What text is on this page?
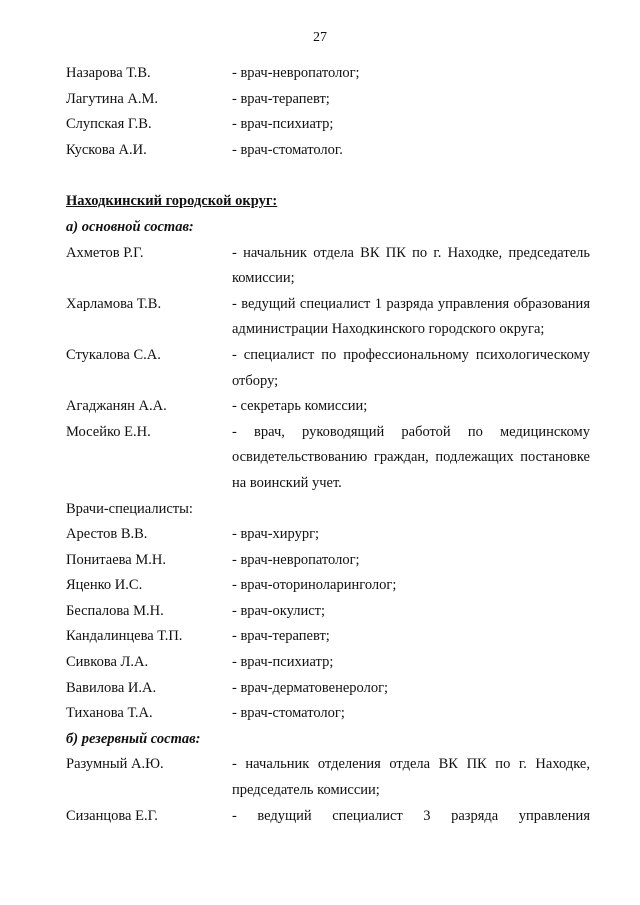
27
Назарова Т.В.	- врач-невропатолог;
Лагутина А.М.	- врач-терапевт;
Слупская Г.В.	- врач-психиатр;
Кускова А.И.	- врач-стоматолог.
Находкинский городской округ:
а) основной состав:
Ахметов Р.Г.	- начальник отдела ВК ПК по г. Находке, председатель комиссии;
Харламова Т.В.	- ведущий специалист 1 разряда управления образования администрации Находкинского городского округа;
Стукалова С.А.	- специалист по профессиональному психологическому отбору;
Агаджанян А.А.	- секретарь комиссии;
Мосейко Е.Н.	- врач, руководящий работой по медицинскому освидетельствованию граждан, подлежащих постановке на воинский учет.
Врачи-специалисты:
Арестов В.В.	- врач-хирург;
Понитаева М.Н.	- врач-невропатолог;
Яценко И.С.	- врач-оториноларинголог;
Беспалова М.Н.	- врач-окулист;
Кандалинцева Т.П.	- врач-терапевт;
Сивкова Л.А.	- врач-психиатр;
Вавилова И.А.	- врач-дерматовенеролог;
Тиханова Т.А.	- врач-стоматолог;
б) резервный состав:
Разумный А.Ю.	- начальник отделения отдела ВК ПК по г. Находке, председатель комиссии;
Сизанцова Е.Г.	- ведущий специалист 3 разряда управления
